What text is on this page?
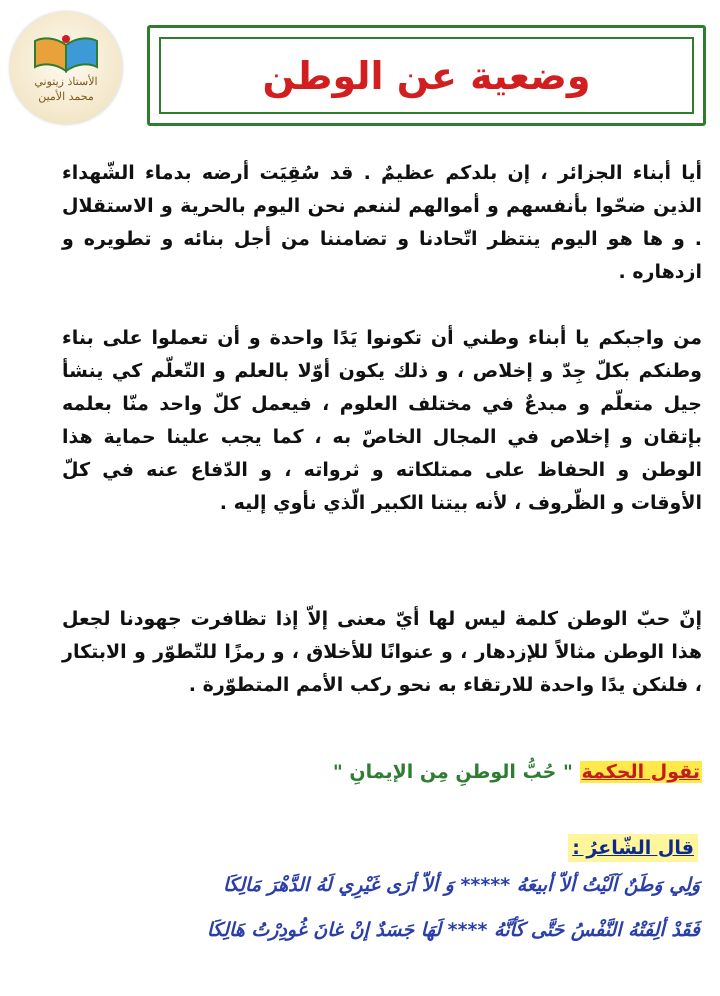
الأستاذ زيتوني
محمد الأمين	وضعية عن الوطن

أيا أبناء الجزائر ، إن بلدكم عظيمٌ . قد سُقِيَت أرضه بدماء الشّهداء الذين ضحّوا بأنفسهم و أموالهم لننعم نحن اليوم بالحرية و الاستقلال . و ها هو اليوم ينتظر اتّحادنا و تضامننا من أجل بنائه و تطويره و ازدهاره .

من واجبكم يا أبناء وطني أن تكونوا يَدًا واحدة و أن تعملوا على بناء وطنكم بكلّ جِدّ و إخلاص ، و ذلك يكون أوّلا بالعلم و التّعلّم كي ينشأ جيل متعلّم و مبدعٌ في مختلف العلوم ، فيعمل كلّ واحد منّا بعلمه بإتقان و إخلاص في المجال الخاصّ به ، كما يجب علينا حماية هذا الوطن و الحفاظ على ممتلكاته و ثرواته ، و الدّفاع عنه في كلّ الأوقات و الظّروف ، لأنه بيتنا الكبير الّذي نأوي إليه .

إنّ حبّ الوطن كلمة ليس لها أيّ معنى إلاّ إذا تظافرت جهودنا لجعل هذا الوطن مثالاً للإزدهار ، و عنوانًا للأخلاق ، و رمزًا للتّطوّر و الابتكار ، فلنكن يدًا واحدة للارتقاء به نحو ركب الأمم المتطوّرة .

تقول الحكمة " حُبُّ الوطنِ مِن الإيمانِ "
قال الشّاعرُ :
وَلِي وَطَنٌ آلَيْتُ ألاّ أبيعَهُ ***** وَ ألاّ أرَى غَيْرِي لَهُ الدَّهْرَ مَالِكَا
فَقَدْ ألِفَتْهُ النَّفْسُ حَتَّى كَأنَّهُ **** لَهَا جَسَدٌ إنْ غانَ غُودِرْتُ هَالِكَا
